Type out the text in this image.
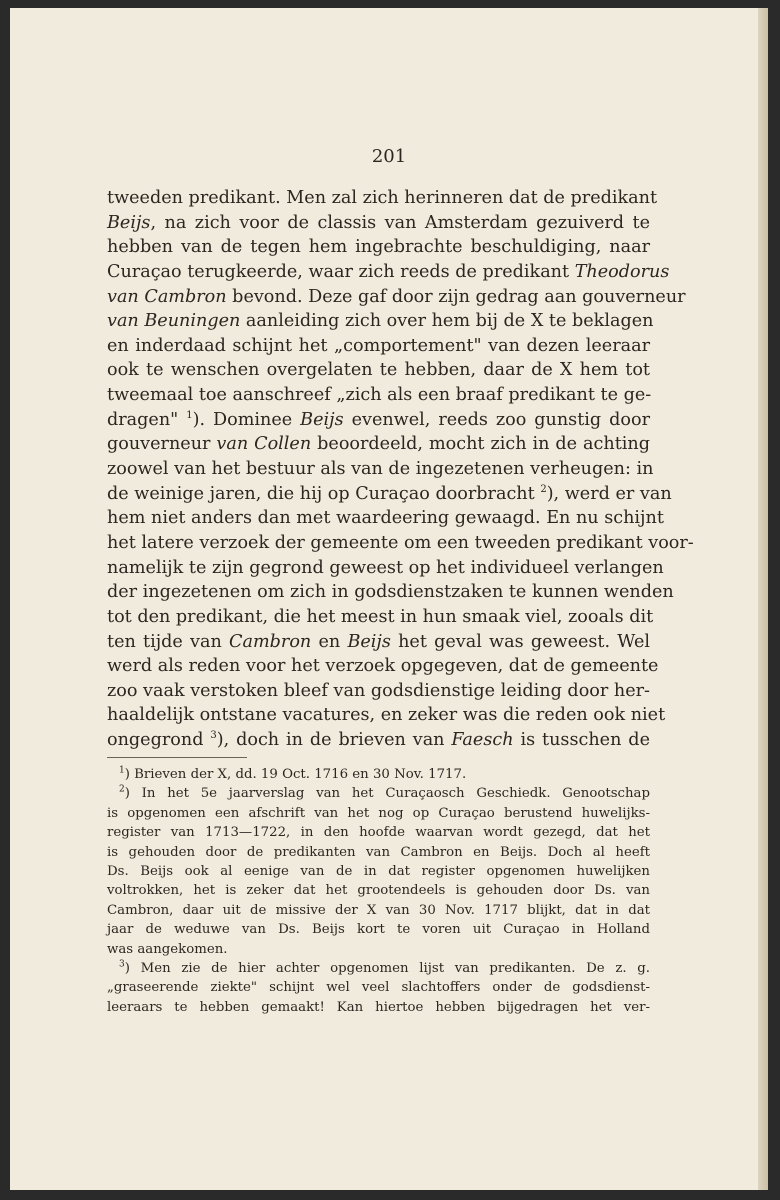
201
tweeden predikant. Men zal zich herinneren dat de predikant
Beijs, na zich voor de classis van Amsterdam gezuiverd te
hebben van de tegen hem ingebrachte beschuldiging, naar
Curaçao terugkeerde, waar zich reeds de predikant Theodorus
van Cambron bevond. Deze gaf door zijn gedrag aan gouverneur
van Beuningen aanleiding zich over hem bij de X te beklagen
en inderdaad schijnt het „comportement" van dezen leeraar
ook te wenschen overgelaten te hebben, daar de X hem tot
tweemaal toe aanschreef „zich als een braaf predikant te ge-
dragen" $^1$). Dominee Beijs evenwel, reeds zoo gunstig door
gouverneur van Collen beoordeeld, mocht zich in de achting
zoowel van het bestuur als van de ingezetenen verheugen: in
de weinige jaren, die hij op Curaçao doorbracht $^2$), werd er van
hem niet anders dan met waardeering gewaagd. En nu schijnt
het latere verzoek der gemeente om een tweeden predikant voor-
namelijk te zijn gegrond geweest op het individueel verlangen
der ingezetenen om zich in godsdienstzaken te kunnen wenden
tot den predikant, die het meest in hun smaak viel, zooals dit
ten tijde van Cambron en Beijs het geval was geweest. Wel
werd als reden voor het verzoek opgegeven, dat de gemeente
zoo vaak verstoken bleef van godsdienstige leiding door her-
haaldelijk ontstane vacatures, en zeker was die reden ook niet
ongegrond $^3$), doch in de brieven van Faesch is tusschen de
$^1$) Brieven der X, dd. 19 Oct. 1716 en 30 Nov. 1717.
$^2$) In het 5e jaarverslag van het Curaçaosch Geschiedk. Genootschap
is opgenomen een afschrift van het nog op Curaçao berustend huwelijks-
register van 1713—1722, in den hoofde waarvan wordt gezegd, dat het
is gehouden door de predikanten van Cambron en Beijs. Doch al heeft
Ds. Beijs ook al eenige van de in dat register opgenomen huwelijken
voltrokken, het is zeker dat het grootendeels is gehouden door Ds. van
Cambron, daar uit de missive der X van 30 Nov. 1717 blijkt, dat in dat
jaar de weduwe van Ds. Beijs kort te voren uit Curaçao in Holland
was aangekomen.
$^3$) Men zie de hier achter opgenomen lijst van predikanten. De z. g.
„graseerende ziekte" schijnt wel veel slachtoffers onder de godsdienst-
leeraars te hebben gemaakt! Kan hiertoe hebben bijgedragen het ver-
